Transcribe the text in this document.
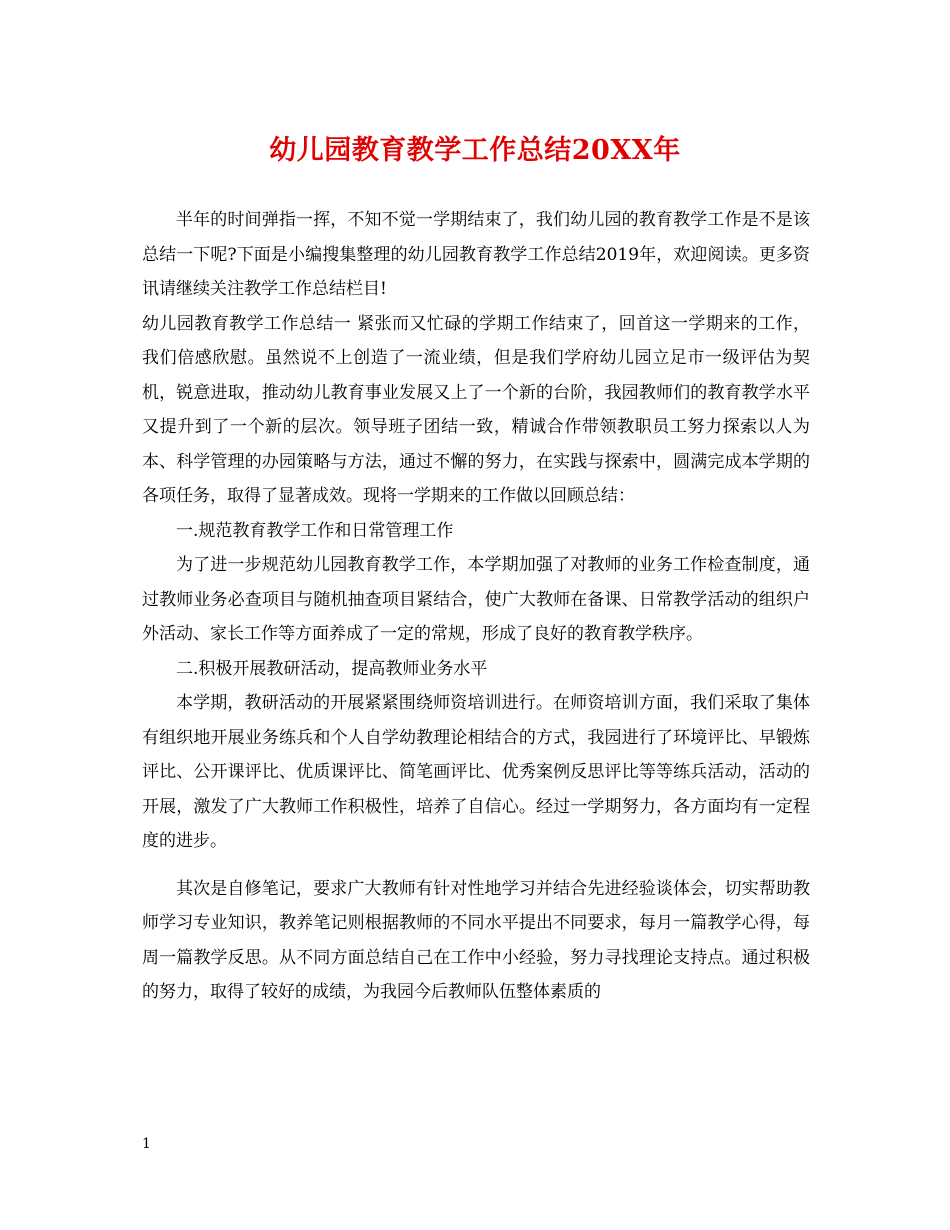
幼儿园教育教学工作总结20XX年

半年的时间弹指一挥，不知不觉一学期结束了，我们幼儿园的教育教学工作是不是该总结一下呢?下面是小编搜集整理的幼儿园教育教学工作总结2019年，欢迎阅读。更多资讯请继续关注教学工作总结栏目!

幼儿园教育教学工作总结一 紧张而又忙碌的学期工作结束了，回首这一学期来的工作，我们倍感欣慰。虽然说不上创造了一流业绩，但是我们学府幼儿园立足市一级评估为契机，锐意进取，推动幼儿教育事业发展又上了一个新的台阶，我园教师们的教育教学水平又提升到了一个新的层次。领导班子团结一致，精诚合作带领教职员工努力探索以人为本、科学管理的办园策略与方法，通过不懈的努力，在实践与探索中，圆满完成本学期的各项任务，取得了显著成效。现将一学期来的工作做以回顾总结：

一.规范教育教学工作和日常管理工作

为了进一步规范幼儿园教育教学工作，本学期加强了对教师的业务工作检查制度，通过教师业务必查项目与随机抽查项目紧结合，使广大教师在备课、日常教学活动的组织户外活动、家长工作等方面养成了一定的常规，形成了良好的教育教学秩序。

二.积极开展教研活动，提高教师业务水平

本学期，教研活动的开展紧紧围绕师资培训进行。在师资培训方面，我们采取了集体有组织地开展业务练兵和个人自学幼教理论相结合的方式，我园进行了环境评比、早锻炼评比、公开课评比、优质课评比、简笔画评比、优秀案例反思评比等等练兵活动，活动的开展，激发了广大教师工作积极性，培养了自信心。经过一学期努力，各方面均有一定程度的进步。

其次是自修笔记，要求广大教师有针对性地学习并结合先进经验谈体会，切实帮助教师学习专业知识，教养笔记则根据教师的不同水平提出不同要求，每月一篇教学心得，每周一篇教学反思。从不同方面总结自己在工作中小经验，努力寻找理论支持点。通过积极的努力，取得了较好的成绩，为我园今后教师队伍整体素质的

1
